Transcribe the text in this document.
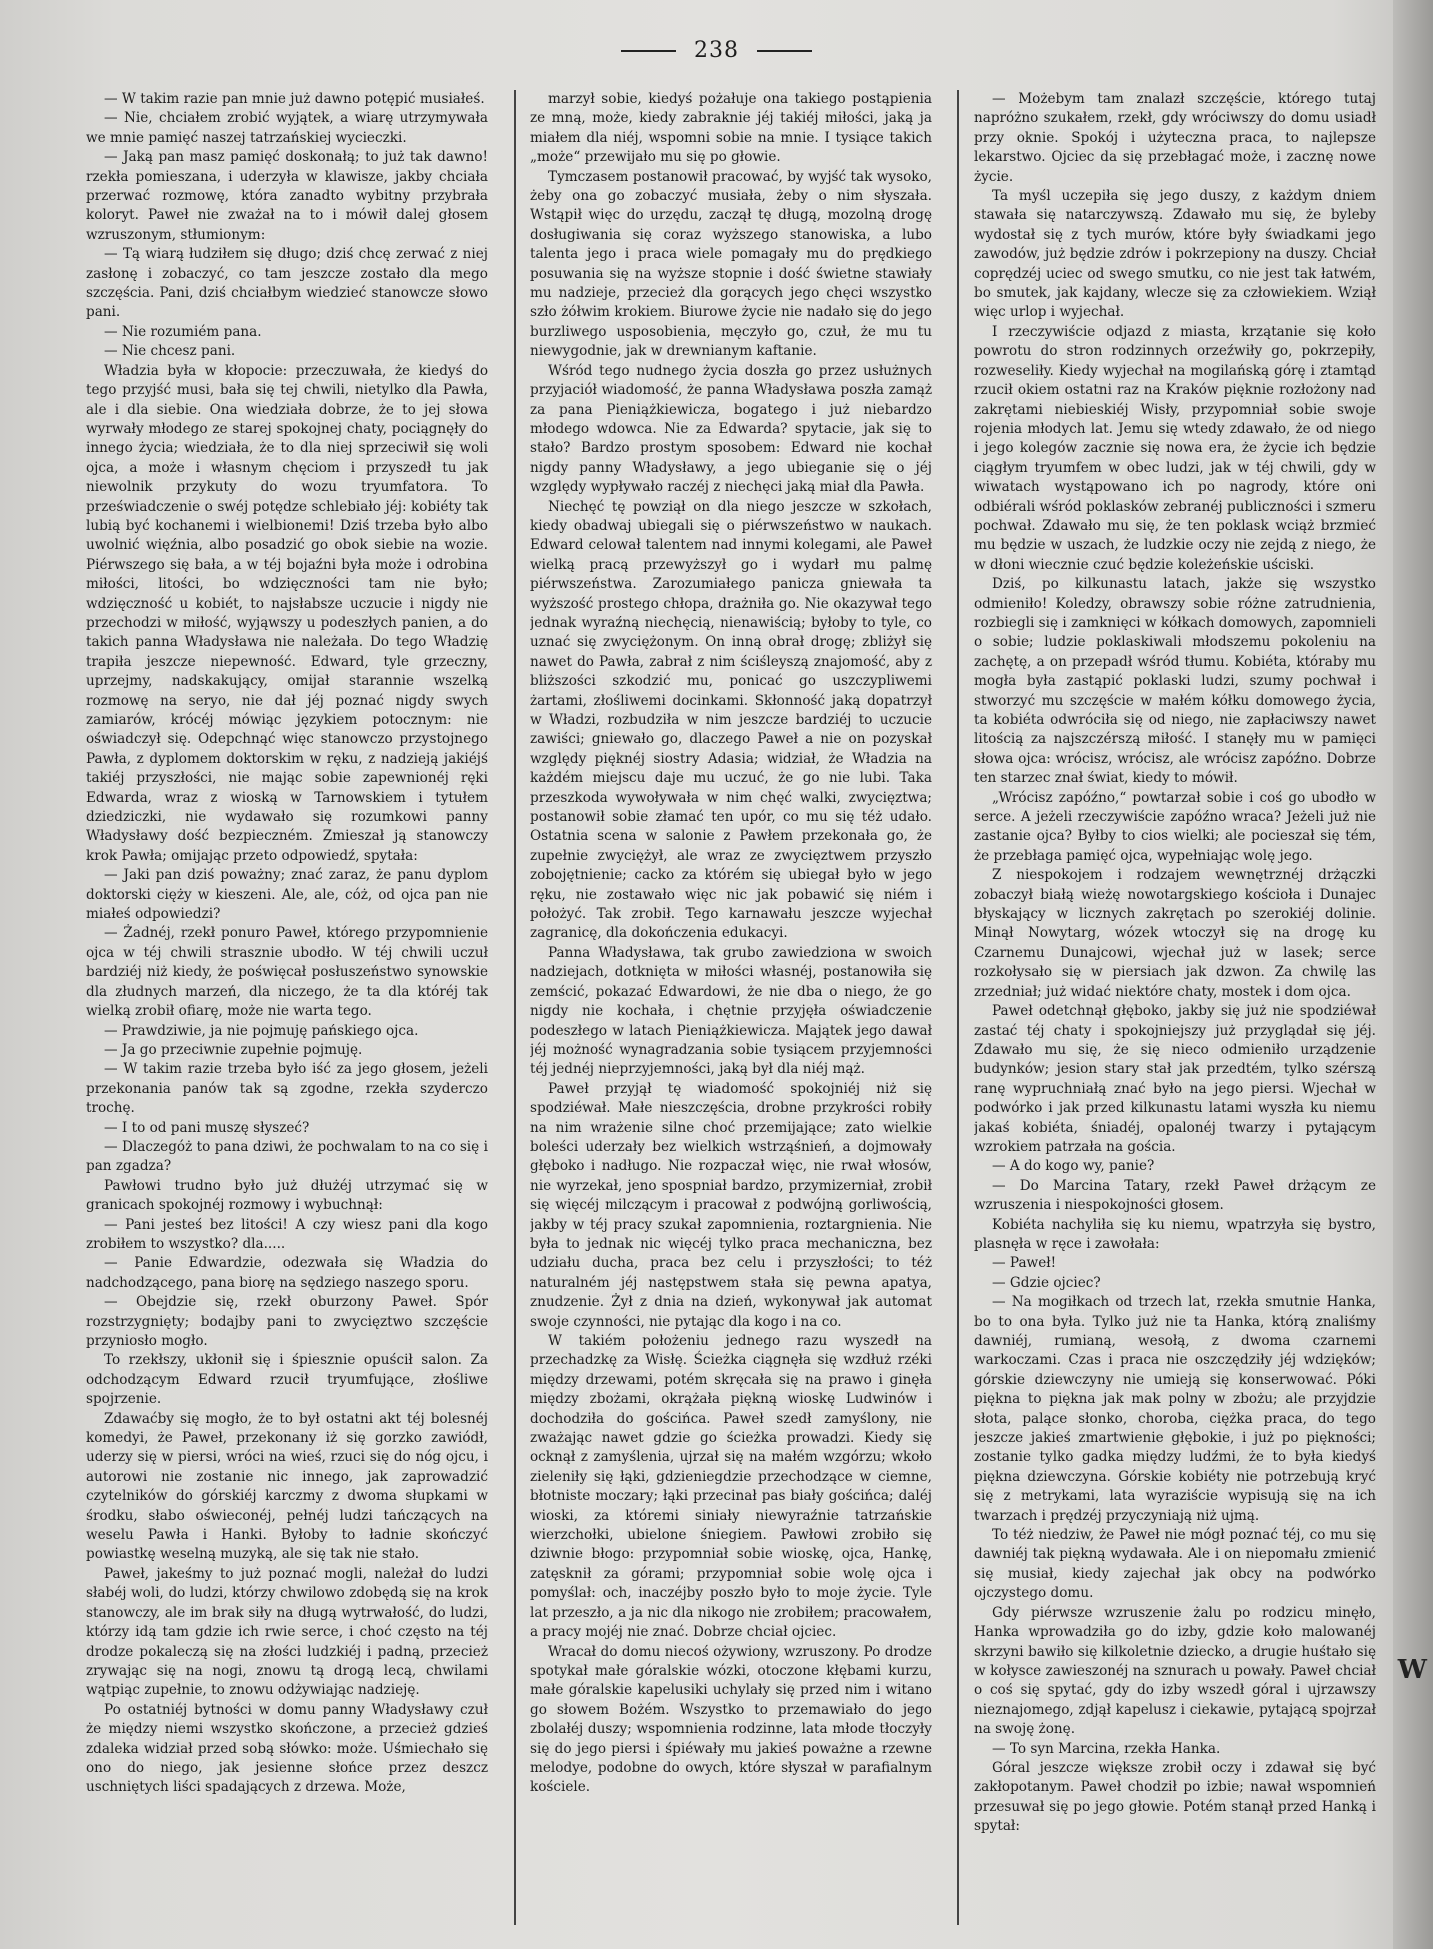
238

— W takim razie pan mnie już dawno potępić musiałeś.

— Nie, chciałem zrobić wyjątek, a wiarę utrzymywała we mnie pamięć naszej tatrzańskiej wycieczki.

— Jaką pan masz pamięć doskonałą; to już tak dawno! rzekła pomieszana, i uderzyła w klawisze, jakby chciała przerwać rozmowę, która zanadto wybitny przybrała koloryt. Paweł nie zważał na to i mówił dalej głosem wzruszonym, stłumionym:

— Tą wiarą łudziłem się długo; dziś chcę zerwać z niej zasłonę i zobaczyć, co tam jeszcze zostało dla mego szczęścia. Pani, dziś chciałbym wiedzieć stanowcze słowo pani.

— Nie rozumiém pana.

— Nie chcesz pani.

Władzia była w kłopocie: przeczuwała, że kiedyś do tego przyjść musi, bała się tej chwili, nietylko dla Pawła, ale i dla siebie. Ona wiedziała dobrze, że to jej słowa wyrwały młodego ze starej spokojnej chaty, pociągnęły do innego życia; wiedziała, że to dla niej sprzeciwił się woli ojca, a może i własnym chęciom i przyszedł tu jak niewolnik przykuty do wozu tryumfatora. To przeświadczenie o swéj potędze schlebiało jéj: kobiéty tak lubią być kochanemi i wielbionemi! Dziś trzeba było albo uwolnić więźnia, albo posadzić go obok siebie na wozie. Piérwszego się bała, a w téj bojaźni była może i odrobina miłości, litości, bo wdzięczności tam nie było; wdzięczność u kobiét, to najsłabsze uczucie i nigdy nie przechodzi w miłość, wyjąwszy u podeszłych panien, a do takich panna Władysława nie należała. Do tego Władzię trapiła jeszcze niepewność. Edward, tyle grzeczny, uprzejmy, nadskakujący, omijał starannie wszelką rozmowę na seryo, nie dał jéj poznać nigdy swych zamiarów, krócéj mówiąc językiem potocznym: nie oświadczył się. Odepchnąć więc stanowczo przystojnego Pawła, z dyplomem doktorskim w ręku, z nadzieją jakiéjś takiéj przyszłości, nie mając sobie zapewnionéj ręki Edwarda, wraz z wioską w Tarnowskiem i tytułem dziedziczki, nie wydawało się rozumkowi panny Władysławy dość bezpieczném. Zmieszał ją stanowczy krok Pawła; omijając przeto odpowiedź, spytała:

— Jaki pan dziś poważny; znać zaraz, że panu dyplom doktorski cięży w kieszeni. Ale, ale, cóż, od ojca pan nie miałeś odpowiedzi?

— Żadnéj, rzekł ponuro Paweł, którego przypomnienie ojca w téj chwili strasznie ubodło. W téj chwili uczuł bardziéj niż kiedy, że poświęcał posłuszeństwo synowskie dla złudnych marzeń, dla niczego, że ta dla któréj tak wielką zrobił ofiarę, może nie warta tego.

— Prawdziwie, ja nie pojmuję pańskiego ojca.

— Ja go przeciwnie zupełnie pojmuję.

— W takim razie trzeba było iść za jego głosem, jeżeli przekonania panów tak są zgodne, rzekła szyderczo trochę.

— I to od pani muszę słyszeć?

— Dlaczegóż to pana dziwi, że pochwalam to na co się i pan zgadza?

Pawłowi trudno było już dłużéj utrzymać się w granicach spokojnéj rozmowy i wybuchnął:

— Pani jesteś bez litości! A czy wiesz pani dla kogo zrobiłem to wszystko? dla.....

— Panie Edwardzie, odezwała się Władzia do nadchodzącego, pana biorę na sędziego naszego sporu.

— Obejdzie się, rzekł oburzony Paweł. Spór rozstrzygnięty; bodajby pani to zwycięztwo szczęście przyniosło mogło.

To rzekłszy, ukłonił się i śpiesznie opuścił salon. Za odchodzącym Edward rzucił tryumfujące, złośliwe spojrzenie.

Zdawaćby się mogło, że to był ostatni akt téj bolesnéj komedyi, że Paweł, przekonany iż się gorzko zawiódł, uderzy się w piersi, wróci na wieś, rzuci się do nóg ojcu, i autorowi nie zostanie nic innego, jak zaprowadzić czytelników do górskiéj karczmy z dwoma słupkami w środku, słabo oświeconéj, pełnéj ludzi tańczących na weselu Pawła i Hanki. Byłoby to ładnie skończyć powiastkę weselną muzyką, ale się tak nie stało.

Paweł, jakeśmy to już poznać mogli, należał do ludzi słabéj woli, do ludzi, którzy chwilowo zdobędą się na krok stanowczy, ale im brak siły na długą wytrwałość, do ludzi, którzy idą tam gdzie ich rwie serce, i choć często na téj drodze pokaleczą się na złości ludzkiéj i padną, przecież zrywając się na nogi, znowu tą drogą lecą, chwilami wątpiąc zupełnie, to znowu odżywiając nadzieję.

Po ostatniéj bytności w domu panny Władysławy czuł że między niemi wszystko skończone, a przecież gdzieś zdaleka widział przed sobą słówko: może. Uśmiechało się ono do niego, jak jesienne słońce przez deszcz uschniętych liści spadających z drzewa. Może,

marzył sobie, kiedyś pożałuje ona takiego postąpienia ze mną, może, kiedy zabraknie jéj takiéj miłości, jaką ja miałem dla niéj, wspomni sobie na mnie. I tysiące takich „może“ przewijało mu się po głowie.

Tymczasem postanowił pracować, by wyjść tak wysoko, żeby ona go zobaczyć musiała, żeby o nim słyszała. Wstąpił więc do urzędu, zaczął tę długą, mozolną drogę dosługiwania się coraz wyższego stanowiska, a lubo talenta jego i praca wiele pomagały mu do prędkiego posuwania się na wyższe stopnie i dość świetne stawiały mu nadzieje, przecież dla gorących jego chęci wszystko szło żółwim krokiem. Biurowe życie nie nadało się do jego burzliwego usposobienia, męczyło go, czuł, że mu tu niewygodnie, jak w drewnianym kaftanie.

Wśród tego nudnego życia doszła go przez usłużnych przyjaciół wiadomość, że panna Władysława poszła zamąż za pana Pieniążkiewicza, bogatego i już niebardzo młodego wdowca. Nie za Edwarda? spytacie, jak się to stało? Bardzo prostym sposobem: Edward nie kochał nigdy panny Władysławy, a jego ubieganie się o jéj względy wypływało raczéj z niechęci jaką miał dla Pawła.

Niechęć tę powziął on dla niego jeszcze w szkołach, kiedy obadwaj ubiegali się o piérwszeństwo w naukach. Edward celował talentem nad innymi kolegami, ale Paweł wielką pracą przewyższył go i wydarł mu palmę piérwszeństwa. Zarozumiałego panicza gniewała ta wyższość prostego chłopa, drażniła go. Nie okazywał tego jednak wyraźną niechęcią, nienawiścią; byłoby to tyle, co uznać się zwyciężonym. On inną obrał drogę; zbliżył się nawet do Pawła, zabrał z nim ściśleyszą znajomość, aby z bliższości szkodzić mu, ponicać go uszczypliwemi żartami, złośliwemi docinkami. Skłonność jaką dopatrzył w Władzi, rozbudziła w nim jeszcze bardziéj to uczucie zawiści; gniewało go, dlaczego Paweł a nie on pozyskał względy pięknéj siostry Adasia; widział, że Władzia na każdém miejscu daje mu uczuć, że go nie lubi. Taka przeszkoda wywoływała w nim chęć walki, zwycięztwa; postanowił sobie złamać ten upór, co mu się téż udało. Ostatnia scena w salonie z Pawłem przekonała go, że zupełnie zwyciężył, ale wraz ze zwycięztwem przyszło zobojętnienie; cacko za którém się ubiegał było w jego ręku, nie zostawało więc nic jak pobawić się niém i położyć. Tak zrobił. Tego karnawału jeszcze wyjechał zagranicę, dla dokończenia edukacyi.

Panna Władysława, tak grubo zawiedziona w swoich nadziejach, dotknięta w miłości własnéj, postanowiła się zemścić, pokazać Edwardowi, że nie dba o niego, że go nigdy nie kochała, i chętnie przyjęła oświadczenie podeszłego w latach Pieniążkiewicza. Majątek jego dawał jéj możność wynagradzania sobie tysiącem przyjemności téj jednéj nieprzyjemności, jaką był dla niéj mąż.

Paweł przyjął tę wiadomość spokojniéj niż się spodziéwał. Małe nieszczęścia, drobne przykrości robiły na nim wrażenie silne choć przemijające; zato wielkie boleści uderzały bez wielkich wstrząśnień, a dojmowały głęboko i nadługo. Nie rozpaczał więc, nie rwał włosów, nie wyrzekał, jeno spospniał bardzo, przymizerniał, zrobił się więcéj milczącym i pracował z podwójną gorliwością, jakby w téj pracy szukał zapomnienia, roztargnienia. Nie była to jednak nic więcéj tylko praca mechaniczna, bez udziału ducha, praca bez celu i przyszłości; to téż naturalném jéj następstwem stała się pewna apatya, znudzenie. Żył z dnia na dzień, wykonywał jak automat swoje czynności, nie pytając dla kogo i na co.

W takiém położeniu jednego razu wyszedł na przechadzkę za Wisłę. Ścieżka ciągnęła się wzdłuż rzéki między drzewami, potém skręcała się na prawo i ginęła między zbożami, okrążała piękną wioskę Ludwinów i dochodziła do gościńca. Paweł szedł zamyślony, nie zważając nawet gdzie go ścieżka prowadzi. Kiedy się ocknął z zamyślenia, ujrzał się na małém wzgórzu; wkoło zieleniły się łąki, gdzieniegdzie przechodzące w ciemne, błotniste moczary; łąki przecinał pas biały gościńca; daléj wioski, za któremi siniały niewyraźnie tatrzańskie wierzchołki, ubielone śniegiem. Pawłowi zrobiło się dziwnie błogo: przypomniał sobie wioskę, ojca, Hankę, zatęsknił za górami; przypomniał sobie wolę ojca i pomyślał: och, inaczéjby poszło było to moje życie. Tyle lat przeszło, a ja nic dla nikogo nie zrobiłem; pracowałem, a pracy mojéj nie znać. Dobrze chciał ojciec.

Wracał do domu niecoś ożywiony, wzruszony. Po drodze spotykał małe góralskie wózki, otoczone kłębami kurzu, małe góralskie kapelusiki uchylały się przed nim i witano go słowem Bożém. Wszystko to przemawiało do jego zbolałéj duszy; wspomnienia rodzinne, lata młode tłoczyły się do jego piersi i śpiéwały mu jakieś poważne a rzewne melodye, podobne do owych, które słyszał w parafialnym kościele.

— Możebym tam znalazł szczęście, którego tutaj napróżno szukałem, rzekł, gdy wróciwszy do domu usiadł przy oknie. Spokój i użyteczna praca, to najlepsze lekarstwo. Ojciec da się przebłagać może, i zacznę nowe życie.

Ta myśl uczepiła się jego duszy, z każdym dniem stawała się natarczywszą. Zdawało mu się, że byleby wydostał się z tych murów, które były świadkami jego zawodów, już będzie zdrów i pokrzepiony na duszy. Chciał coprędzéj uciec od swego smutku, co nie jest tak łatwém, bo smutek, jak kajdany, wlecze się za człowiekiem. Wziął więc urlop i wyjechał.

I rzeczywiście odjazd z miasta, krzątanie się koło powrotu do stron rodzinnych orzeźwiły go, pokrzepiły, rozweseliły. Kiedy wyjechał na mogilańską górę i ztamtąd rzucił okiem ostatni raz na Kraków pięknie rozłożony nad zakrętami niebieskiéj Wisły, przypomniał sobie swoje rojenia młodych lat. Jemu się wtedy zdawało, że od niego i jego kolegów zacznie się nowa era, że życie ich będzie ciągłym tryumfem w obec ludzi, jak w téj chwili, gdy w wiwatach wystąpowano ich po nagrody, które oni odbiérali wśród poklasków zebranéj publiczności i szmeru pochwał. Zdawało mu się, że ten poklask wciąż brzmieć mu będzie w uszach, że ludzkie oczy nie zejdą z niego, że w dłoni wiecznie czuć będzie koleżeńskie uściski.

Dziś, po kilkunastu latach, jakże się wszystko odmieniło! Koledzy, obrawszy sobie różne zatrudnienia, rozbiegli się i zamknięci w kółkach domowych, zapomnieli o sobie; ludzie poklaskiwali młodszemu pokoleniu na zachętę, a on przepadł wśród tłumu. Kobiéta, któraby mu mogła była zastąpić poklaski ludzi, szumy pochwał i stworzyć mu szczęście w małém kółku domowego życia, ta kobiéta odwróciła się od niego, nie zapłaciwszy nawet litością za najszczérszą miłość. I stanęły mu w pamięci słowa ojca: wrócisz, wrócisz, ale wrócisz zapóźno. Dobrze ten starzec znał świat, kiedy to mówił.

„Wrócisz zapóźno,“ powtarzał sobie i coś go ubodło w serce. A jeżeli rzeczywiście zapóźno wraca? Jeżeli już nie zastanie ojca? Byłby to cios wielki; ale pocieszał się tém, że przebłaga pamięć ojca, wypełniając wolę jego.

Z niespokojem i rodzajem wewnętrznéj drżączki zobaczył białą wieżę nowotargskiego kościoła i Dunajec błyskający w licznych zakrętach po szerokiéj dolinie. Minął Nowytarg, wózek wtoczył się na drogę ku Czarnemu Dunajcowi, wjechał już w lasek; serce rozkołysało się w piersiach jak dzwon. Za chwilę las zrzedniał; już widać niektóre chaty, mostek i dom ojca.

Paweł odetchnął głęboko, jakby się już nie spodziéwał zastać téj chaty i spokojniejszy już przyglądał się jéj. Zdawało mu się, że się nieco odmieniło urządzenie budynków; jesion stary stał jak przedtém, tylko szérszą ranę wypruchniałą znać było na jego piersi. Wjechał w podwórko i jak przed kilkunastu latami wyszła ku niemu jakaś kobiéta, śniadéj, opalonéj twarzy i pytającym wzrokiem patrzała na gościa.

— A do kogo wy, panie?

— Do Marcina Tatary, rzekł Paweł drżącym ze wzruszenia i niespokojności głosem.

Kobiéta nachyliła się ku niemu, wpatrzyła się bystro, plasnęła w ręce i zawołała:

— Paweł!

— Gdzie ojciec?

— Na mogiłkach od trzech lat, rzekła smutnie Hanka, bo to ona była. Tylko już nie ta Hanka, którą znaliśmy dawniéj, rumianą, wesołą, z dwoma czarnemi warkoczami. Czas i praca nie oszczędziły jéj wdzięków; górskie dziewczyny nie umieją się konserwować. Póki piękna to piękna jak mak polny w zbożu; ale przyjdzie słota, palące słonko, choroba, ciężka praca, do tego jeszcze jakieś zmartwienie głębokie, i już po piękności; zostanie tylko gadka między ludźmi, że to była kiedyś piękna dziewczyna. Górskie kobiéty nie potrzebują kryć się z metrykami, lata wyraziście wypisują się na ich twarzach i prędzéj przyczyniają niż ujmą.

To téż niedziw, że Paweł nie mógł poznać téj, co mu się dawniéj tak piękną wydawała. Ale i on niepomału zmienić się musiał, kiedy zajechał jak obcy na podwórko ojczystego domu.

Gdy piérwsze wzruszenie żalu po rodzicu minęło, Hanka wprowadziła go do izby, gdzie koło malowanéj skrzyni bawiło się kilkoletnie dziecko, a drugie huśtało się w kołysce zawieszonéj na sznurach u powały. Paweł chciał o coś się spytać, gdy do izby wszedł góral i ujrzawszy nieznajomego, zdjął kapelusz i ciekawie, pytającą spojrzał na swoję żonę.

— To syn Marcina, rzekła Hanka.

Góral jeszcze większe zrobił oczy i zdawał się być zakłopotanym. Paweł chodził po izbie; nawał wspomnień przesuwał się po jego głowie. Potém stanął przed Hanką i spytał:

W
